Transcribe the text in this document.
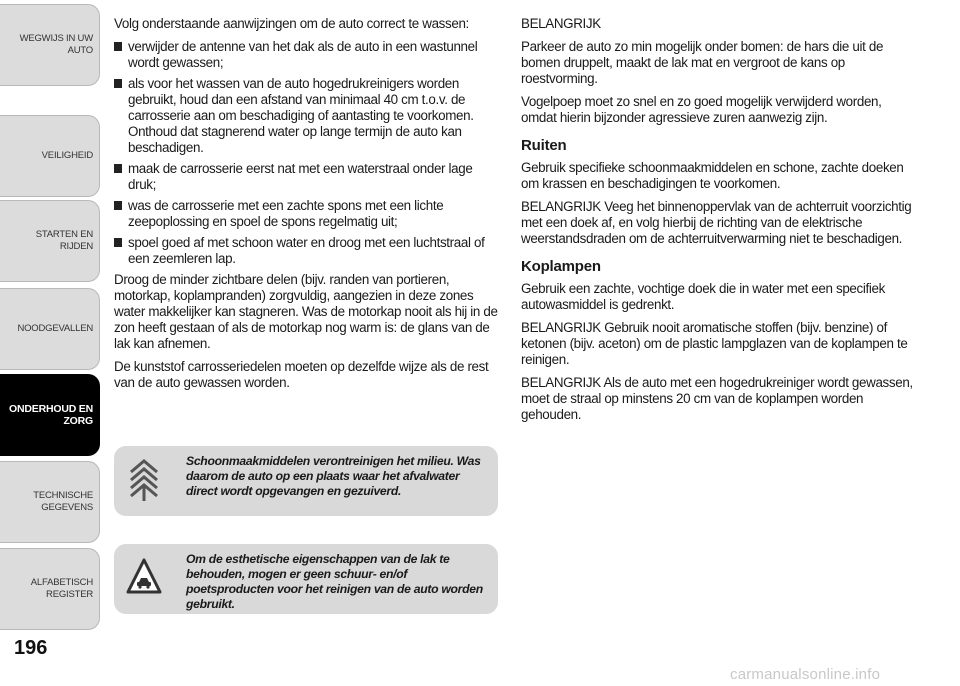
WEGWIJS IN UW AUTO
VEILIGHEID
STARTEN EN RIJDEN
NOODGEVALLEN
ONDERHOUD EN ZORG
TECHNISCHE GEGEVENS
ALFABETISCH REGISTER
196

Volg onderstaande aanwijzingen om de auto correct te wassen:

verwijder de antenne van het dak als de auto in een wastunnel wordt gewassen;
als voor het wassen van de auto hogedrukreinigers worden gebruikt, houd dan een afstand van minimaal 40 cm t.o.v. de carrosserie aan om beschadiging of aantasting te voorkomen. Onthoud dat stagnerend water op lange termijn de auto kan beschadigen.
maak de carrosserie eerst nat met een waterstraal onder lage druk;
was de carrosserie met een zachte spons met een lichte zeepoplossing en spoel de spons regelmatig uit;
spoel goed af met schoon water en droog met een luchtstraal of een zeemleren lap.

Droog de minder zichtbare delen (bijv. randen van portieren, motorkap, koplampranden) zorgvuldig, aangezien in deze zones water makkelijker kan stagneren. Was de motorkap nooit als hij in de zon heeft gestaan of als de motorkap nog warm is: de glans van de lak kan afnemen.

De kunststof carrosseriedelen moeten op dezelfde wijze als de rest van de auto gewassen worden.

Schoonmaakmiddelen verontreinigen het milieu. Was daarom de auto op een plaats waar het afvalwater direct wordt opgevangen en gezuiverd.
Om de esthetische eigenschappen van de lak te behouden, mogen er geen schuur- en/of poetsproducten voor het reinigen van de auto worden gebruikt.

BELANGRIJK

Parkeer de auto zo min mogelijk onder bomen: de hars die uit de bomen druppelt, maakt de lak mat en vergroot de kans op roestvorming.

Vogelpoep moet zo snel en zo goed mogelijk verwijderd worden, omdat hierin bijzonder agressieve zuren aanwezig zijn.

Ruiten

Gebruik specifieke schoonmaakmiddelen en schone, zachte doeken om krassen en beschadigingen te voorkomen.

BELANGRIJK Veeg het binnenoppervlak van de achterruit voorzichtig met een doek af, en volg hierbij de richting van de elektrische weerstandsdraden om de achterruitverwarming niet te beschadigen.

Koplampen

Gebruik een zachte, vochtige doek die in water met een specifiek autowasmiddel is gedrenkt.

BELANGRIJK Gebruik nooit aromatische stoffen (bijv. benzine) of ketonen (bijv. aceton) om de plastic lampglazen van de koplampen te reinigen.

BELANGRIJK Als de auto met een hogedrukreiniger wordt gewassen, moet de straal op minstens 20 cm van de koplampen worden gehouden.

carmanualsonline.info
